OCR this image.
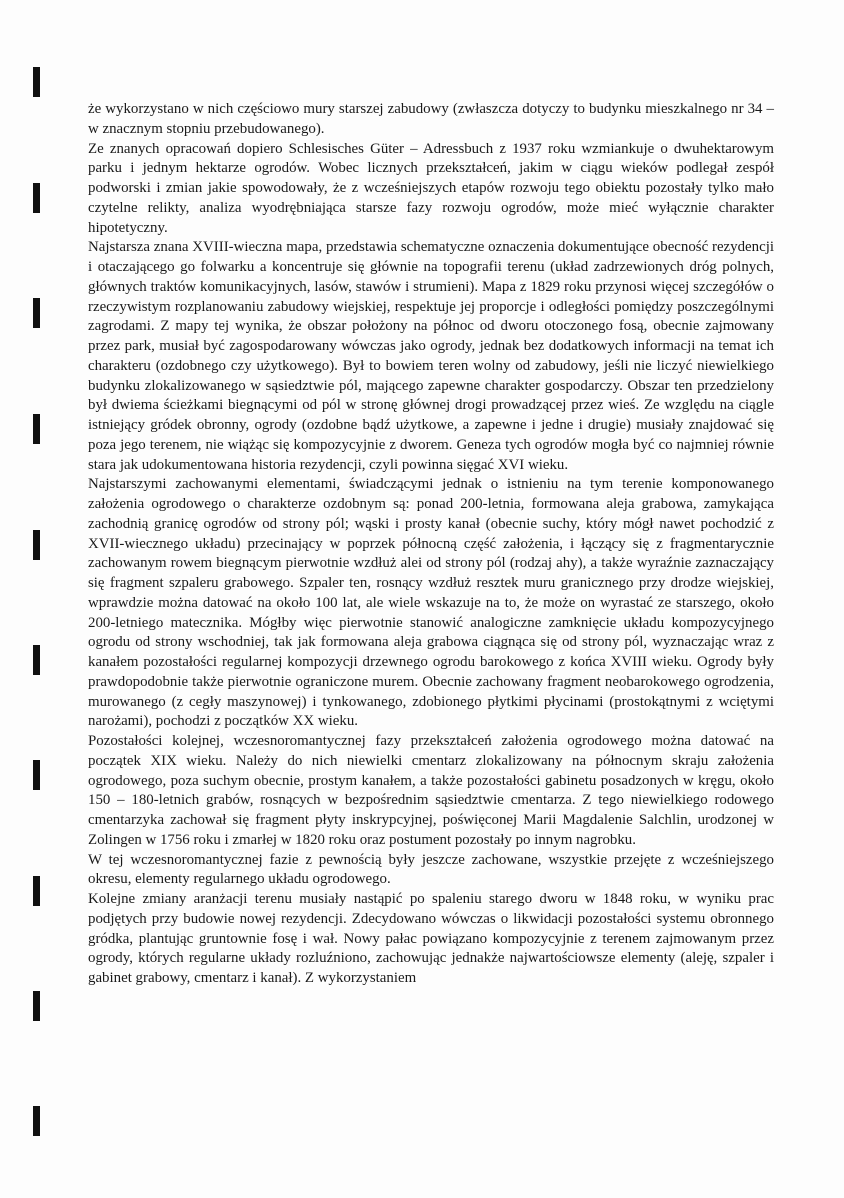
że wykorzystano w nich częściowo mury starszej zabudowy (zwłaszcza dotyczy to budynku mieszkalnego nr 34 – w znacznym stopniu przebudowanego).

Ze znanych opracowań dopiero Schlesisches Güter – Adressbuch z 1937 roku wzmiankuje o dwuhektarowym parku i jednym hektarze ogrodów. Wobec licznych przekształceń, jakim w ciągu wieków podlegał zespół podworski i zmian jakie spowodowały, że z wcześniejszych etapów rozwoju tego obiektu pozostały tylko mało czytelne relikty, analiza wyodrębniająca starsze fazy rozwoju ogrodów, może mieć wyłącznie charakter hipotetyczny.

Najstarsza znana XVIII-wieczna mapa, przedstawia schematyczne oznaczenia dokumentujące obecność rezydencji i otaczającego go folwarku a koncentruje się głównie na topografii terenu (układ zadrzewionych dróg polnych, głównych traktów komunikacyjnych, lasów, stawów i strumieni). Mapa z 1829 roku przynosi więcej szczegółów o rzeczywistym rozplanowaniu zabudowy wiejskiej, respektuje jej proporcje i odległości pomiędzy poszczególnymi zagrodami. Z mapy tej wynika, że obszar położony na północ od dworu otoczonego fosą, obecnie zajmowany przez park, musiał być zagospodarowany wówczas jako ogrody, jednak bez dodatkowych informacji na temat ich charakteru (ozdobnego czy użytkowego). Był to bowiem teren wolny od zabudowy, jeśli nie liczyć niewielkiego budynku zlokalizowanego w sąsiedztwie pól, mającego zapewne charakter gospodarczy. Obszar ten przedzielony był dwiema ścieżkami biegnącymi od pól w stronę głównej drogi prowadzącej przez wieś. Ze względu na ciągle istniejący gródek obronny, ogrody (ozdobne bądź użytkowe, a zapewne i jedne i drugie) musiały znajdować się poza jego terenem, nie wiążąc się kompozycyjnie z dworem. Geneza tych ogrodów mogła być co najmniej równie stara jak udokumentowana historia rezydencji, czyli powinna sięgać XVI wieku.

Najstarszymi zachowanymi elementami, świadczącymi jednak o istnieniu na tym terenie komponowanego założenia ogrodowego o charakterze ozdobnym są: ponad 200-letnia, formowana aleja grabowa, zamykająca zachodnią granicę ogrodów od strony pól; wąski i prosty kanał (obecnie suchy, który mógł nawet pochodzić z XVII-wiecznego układu) przecinający w poprzek północną część założenia, i łączący się z fragmentarycznie zachowanym rowem biegnącym pierwotnie wzdłuż alei od strony pól (rodzaj ahy), a także wyraźnie zaznaczający się fragment szpaleru grabowego. Szpaler ten, rosnący wzdłuż resztek muru granicznego przy drodze wiejskiej, wprawdzie można datować na około 100 lat, ale wiele wskazuje na to, że może on wyrastać ze starszego, około 200-letniego matecznika. Mógłby więc pierwotnie stanowić analogiczne zamknięcie układu kompozycyjnego ogrodu od strony wschodniej, tak jak formowana aleja grabowa ciągnąca się od strony pól, wyznaczając wraz z kanałem pozostałości regularnej kompozycji drzewnego ogrodu barokowego z końca XVIII wieku. Ogrody były prawdopodobnie także pierwotnie ograniczone murem. Obecnie zachowany fragment neobarokowego ogrodzenia, murowanego (z cegły maszynowej) i tynkowanego, zdobionego płytkimi płycinami (prostokątnymi z wciętymi narożami), pochodzi z początków XX wieku.

Pozostałości kolejnej, wczesnoromantycznej fazy przekształceń założenia ogrodowego można datować na początek XIX wieku. Należy do nich niewielki cmentarz zlokalizowany na północnym skraju założenia ogrodowego, poza suchym obecnie, prostym kanałem, a także pozostałości gabinetu posadzonych w kręgu, około 150 – 180-letnich grabów, rosnących w bezpośrednim sąsiedztwie cmentarza. Z tego niewielkiego rodowego cmentarzyka zachował się fragment płyty inskrypcyjnej, poświęconej Marii Magdalenie Salchlin, urodzonej w Zolingen w 1756 roku i zmarłej w 1820 roku oraz postument pozostały po innym nagrobku.

W tej wczesnoromantycznej fazie z pewnością były jeszcze zachowane, wszystkie przejęte z wcześniejszego okresu, elementy regularnego układu ogrodowego.

Kolejne zmiany aranżacji terenu musiały nastąpić po spaleniu starego dworu w 1848 roku, w wyniku prac podjętych przy budowie nowej rezydencji. Zdecydowano wówczas o likwidacji pozostałości systemu obronnego gródka, plantując gruntownie fosę i wał. Nowy pałac powiązano kompozycyjnie z terenem zajmowanym przez ogrody, których regularne układy rozluźniono, zachowując jednakże najwartościowsze elementy (aleję, szpaler i gabinet grabowy, cmentarz i kanał). Z wykorzystaniem
